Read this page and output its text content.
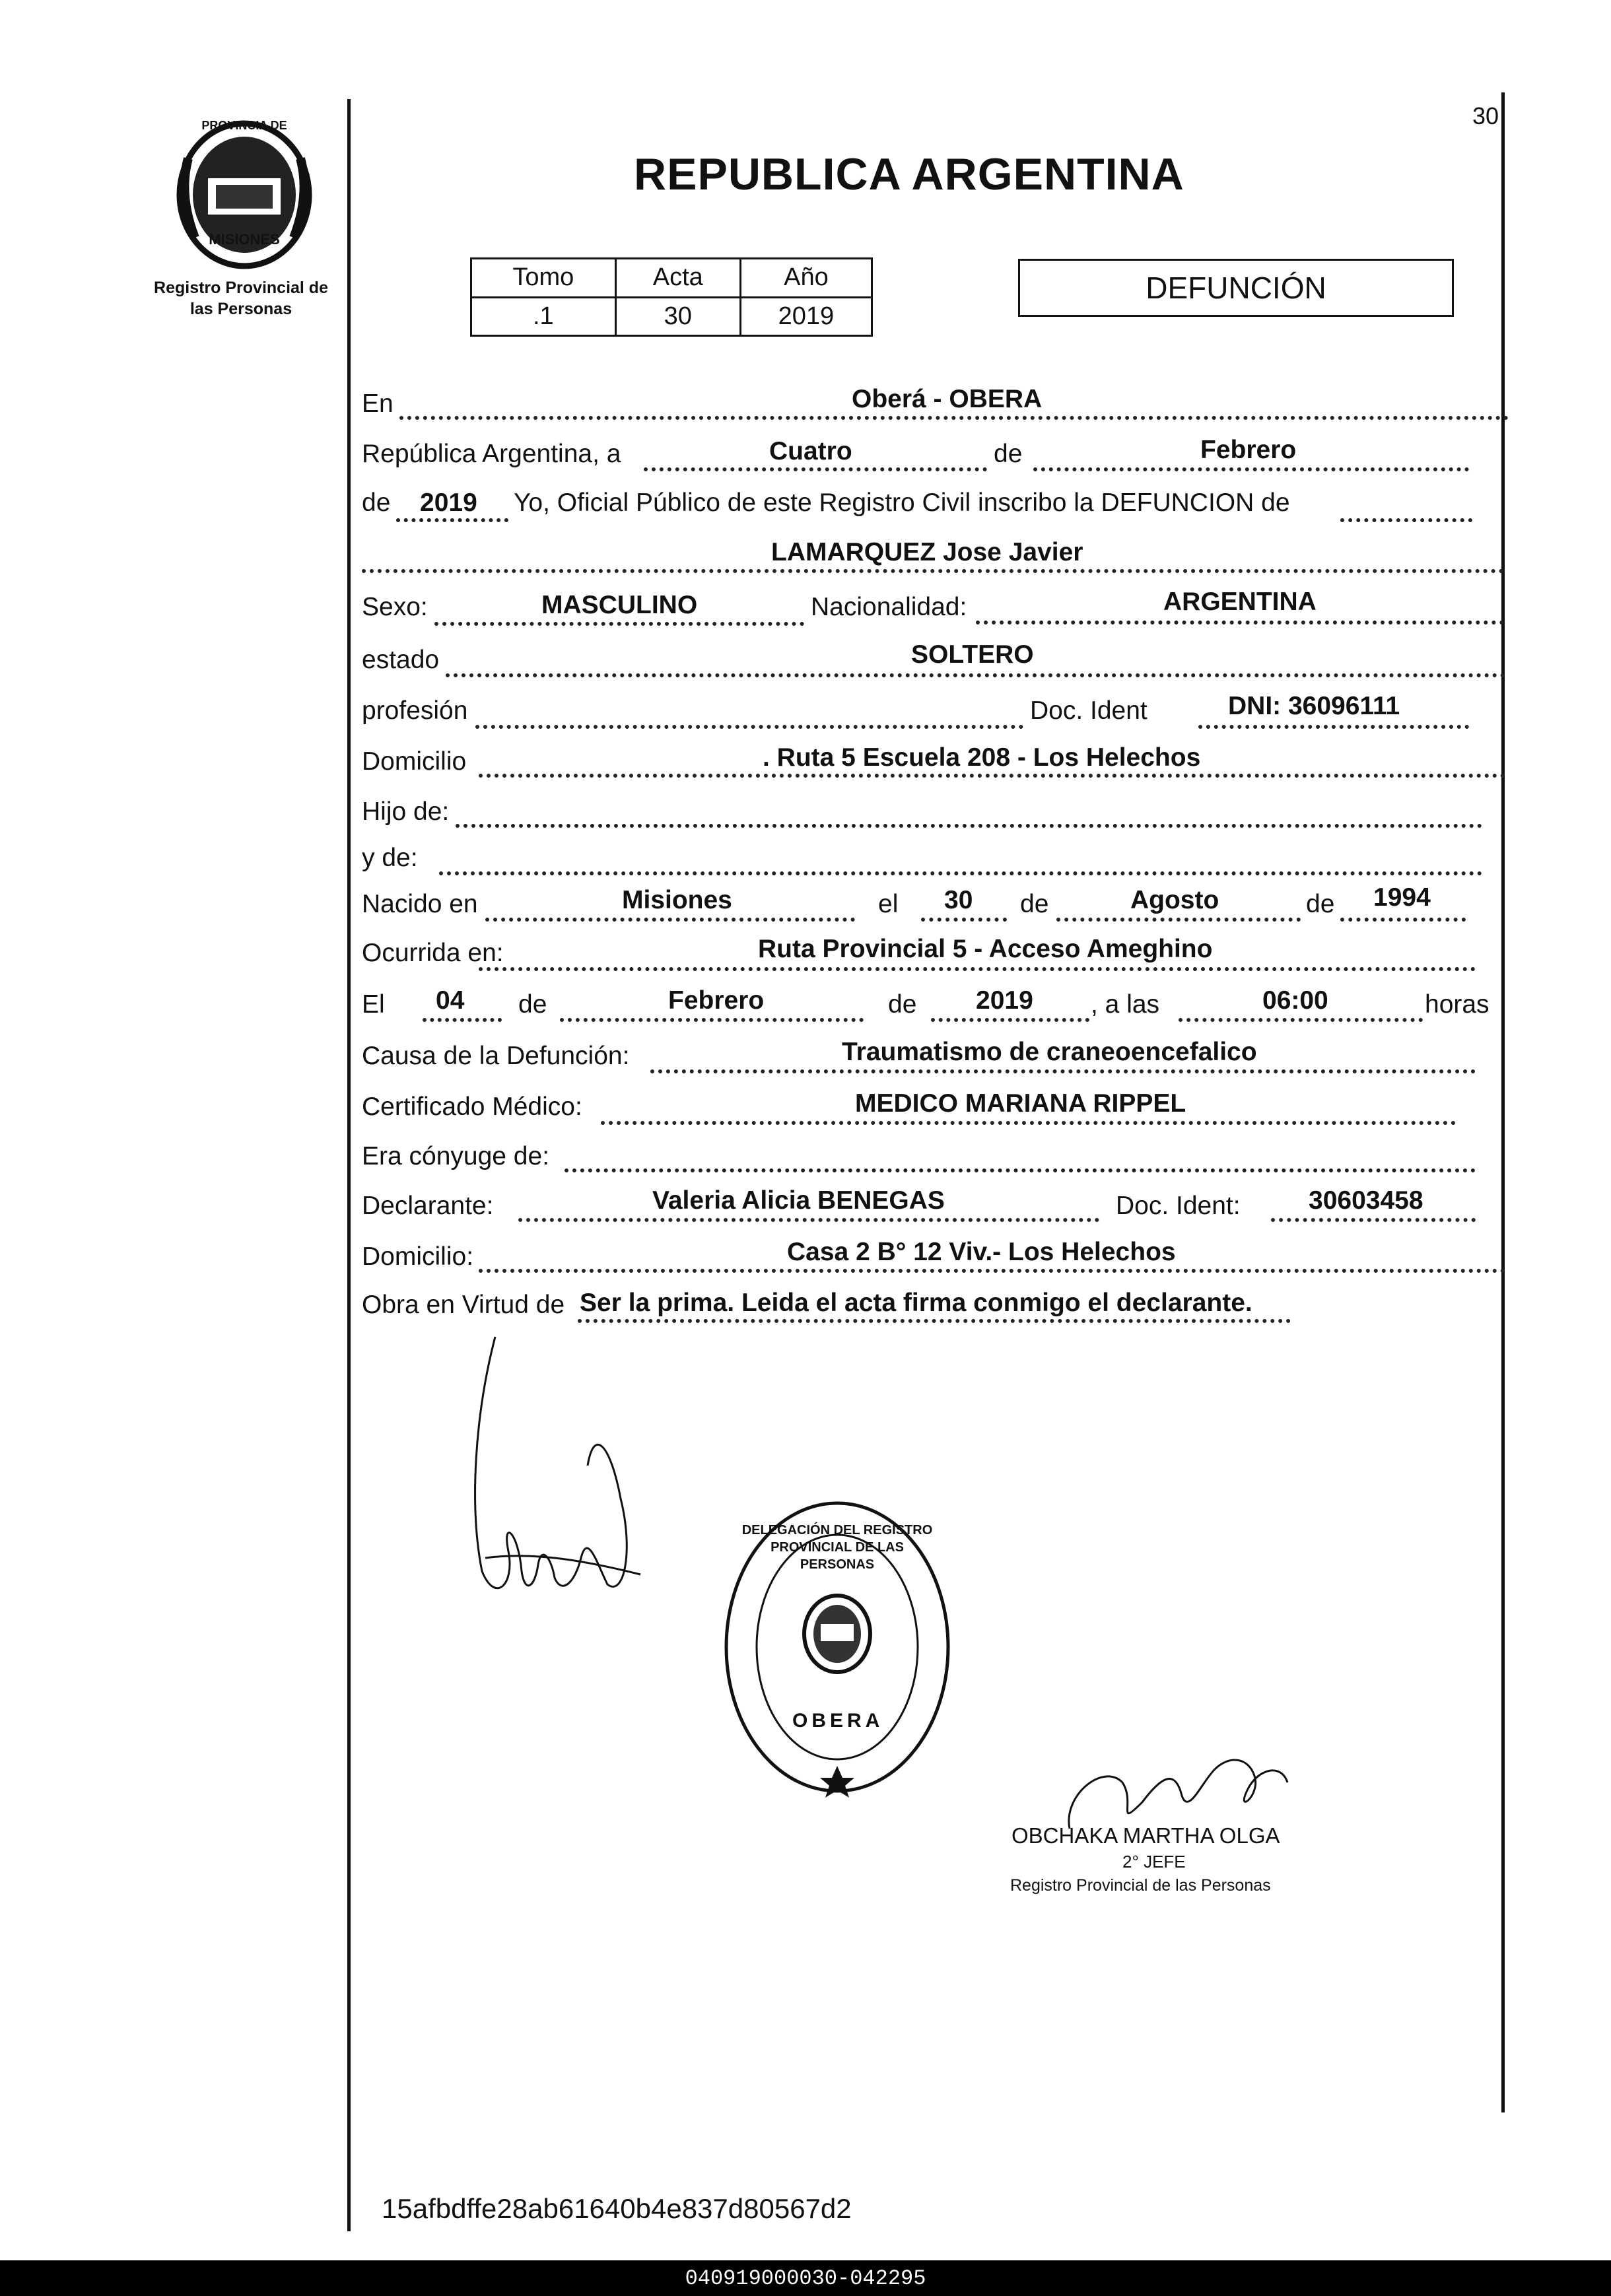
PROVINCIA DE
MISIONES
Registro Provincial de
las Personas
30
REPUBLICA ARGENTINA
Tomo	Acta	Año
.1	30	2019
DEFUNCIÓN
En	Oberá - OBERA
República Argentina, a	Cuatro	de	Febrero
de 2019 Yo, Oficial Público de este Registro Civil inscribo la DEFUNCION de
LAMARQUEZ Jose Javier
Sexo:	MASCULINO	Nacionalidad:	ARGENTINA
estado	SOLTERO
profesión	Doc. Ident	DNI: 36096111
Domicilio	. Ruta 5 Escuela 208 - Los Helechos
Hijo de:
y de:
Nacido en	Misiones	el 30 de	Agosto	de 1994
Ocurrida en:	Ruta Provincial 5 - Acceso Ameghino
El 04 de	Febrero	de 2019 , a las	06:00	horas
Causa de la Defunción:	Traumatismo de craneoencefalico
Certificado Médico:	MEDICO MARIANA RIPPEL
Era cónyuge de:
Declarante:	Valeria Alicia BENEGAS	Doc. Ident:	30603458
Domicilio:	Casa 2 B° 12 Viv.- Los Helechos
Obra en Virtud de Ser la prima. Leida el acta firma conmigo el declarante.
OBERA
DELEGACIÓN DEL REGISTRO PROVINCIAL DE LAS PERSONAS
OBCHAKA MARTHA OLGA
2° JEFE
Registro Provincial de las Personas
15afbdffe28ab61640b4e837d80567d2
040919000030-042295
